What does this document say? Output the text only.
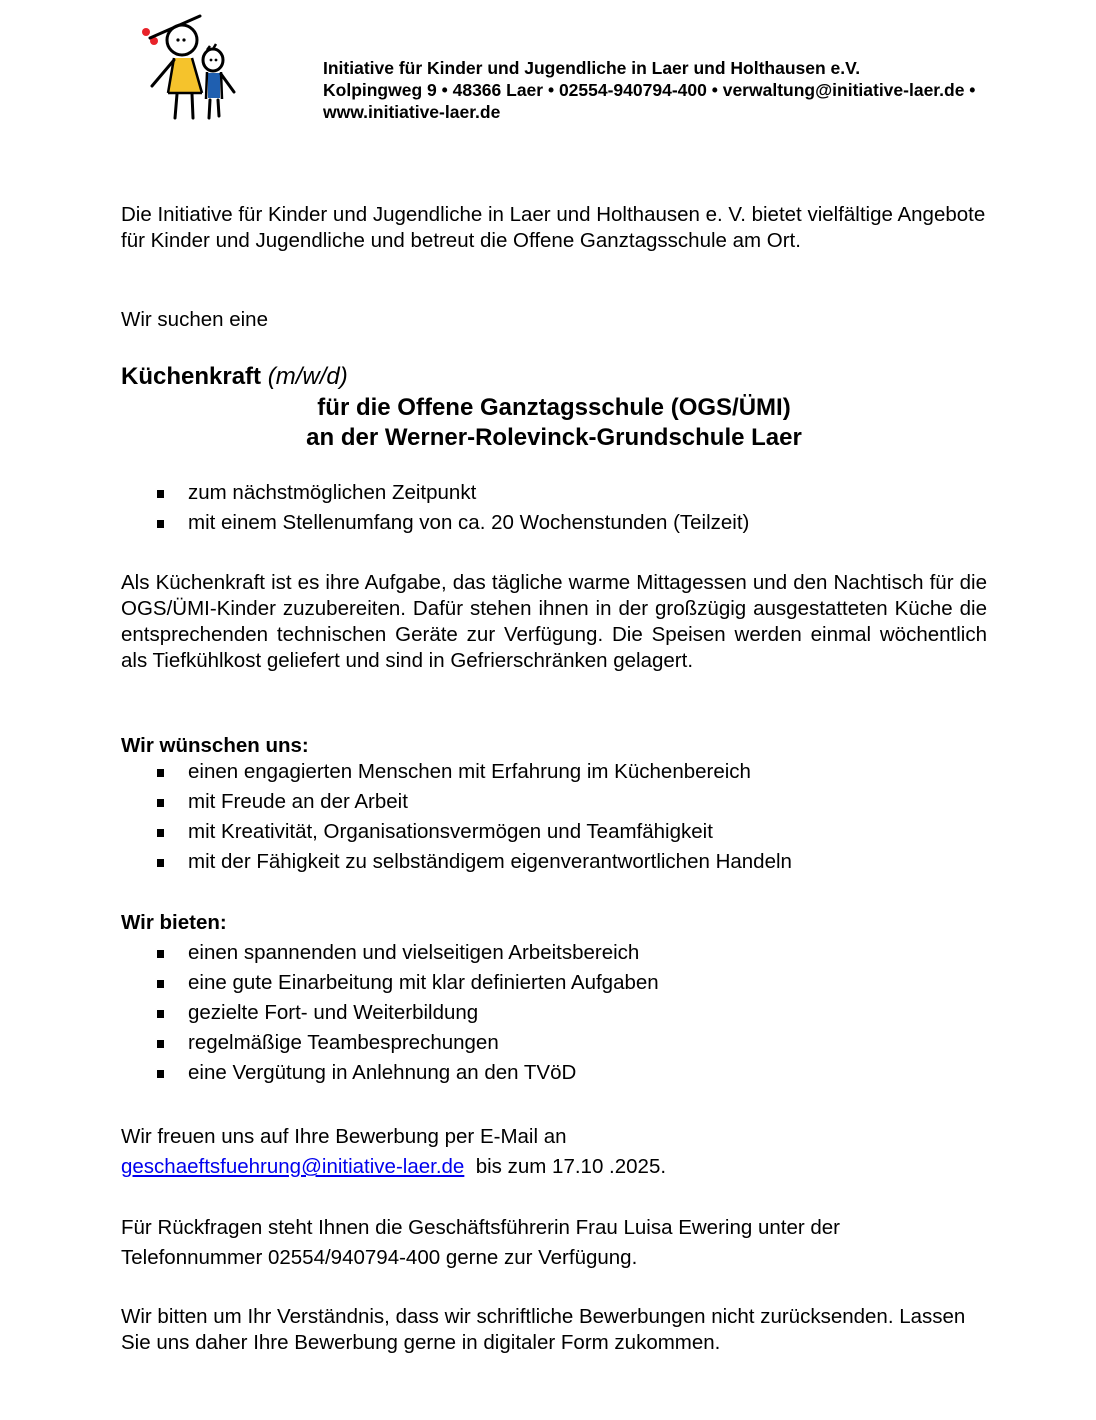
Initiative für Kinder und Jugendliche in Laer und Holthausen e.V.
Kolpingweg 9 • 48366 Laer • 02554-940794-400 • verwaltung@initiative-laer.de • www.initiative-laer.de
Die Initiative für Kinder und Jugendliche in Laer und Holthausen e. V. bietet vielfältige Angebote für Kinder und Jugendliche und betreut die Offene Ganztagsschule am Ort.
Wir suchen eine
Küchenkraft (m/w/d)
für die Offene Ganztagsschule (OGS/ÜMI)
an der Werner-Rolevinck-Grundschule Laer
zum nächstmöglichen Zeitpunkt
mit einem Stellenumfang von ca. 20 Wochenstunden (Teilzeit)
Als Küchenkraft ist es ihre Aufgabe, das tägliche warme Mittagessen und den Nachtisch für die OGS/ÜMI-Kinder zuzubereiten. Dafür stehen ihnen in der großzügig ausgestatteten Küche die entsprechenden technischen Geräte zur Verfügung. Die Speisen werden einmal wöchentlich als Tiefkühlkost geliefert und sind in Gefrierschränken gelagert.
Wir wünschen uns:
einen engagierten Menschen mit Erfahrung im Küchenbereich
mit Freude an der Arbeit
mit Kreativität, Organisationsvermögen und Teamfähigkeit
mit der Fähigkeit zu selbständigem eigenverantwortlichen Handeln
Wir bieten:
einen spannenden und vielseitigen Arbeitsbereich
eine gute Einarbeitung mit klar definierten Aufgaben
gezielte Fort- und Weiterbildung
regelmäßige Teambesprechungen
eine Vergütung in Anlehnung an den TVöD
Wir freuen uns auf Ihre Bewerbung per E-Mail an
geschaeftsfuehrung@initiative-laer.de  bis zum 17.10 .2025.
Für Rückfragen steht Ihnen die Geschäftsführerin Frau Luisa Ewering unter der
Telefonnummer 02554/940794-400 gerne zur Verfügung.
Wir bitten um Ihr Verständnis, dass wir schriftliche Bewerbungen nicht zurücksenden. Lassen Sie uns daher Ihre Bewerbung gerne in digitaler Form zukommen.
